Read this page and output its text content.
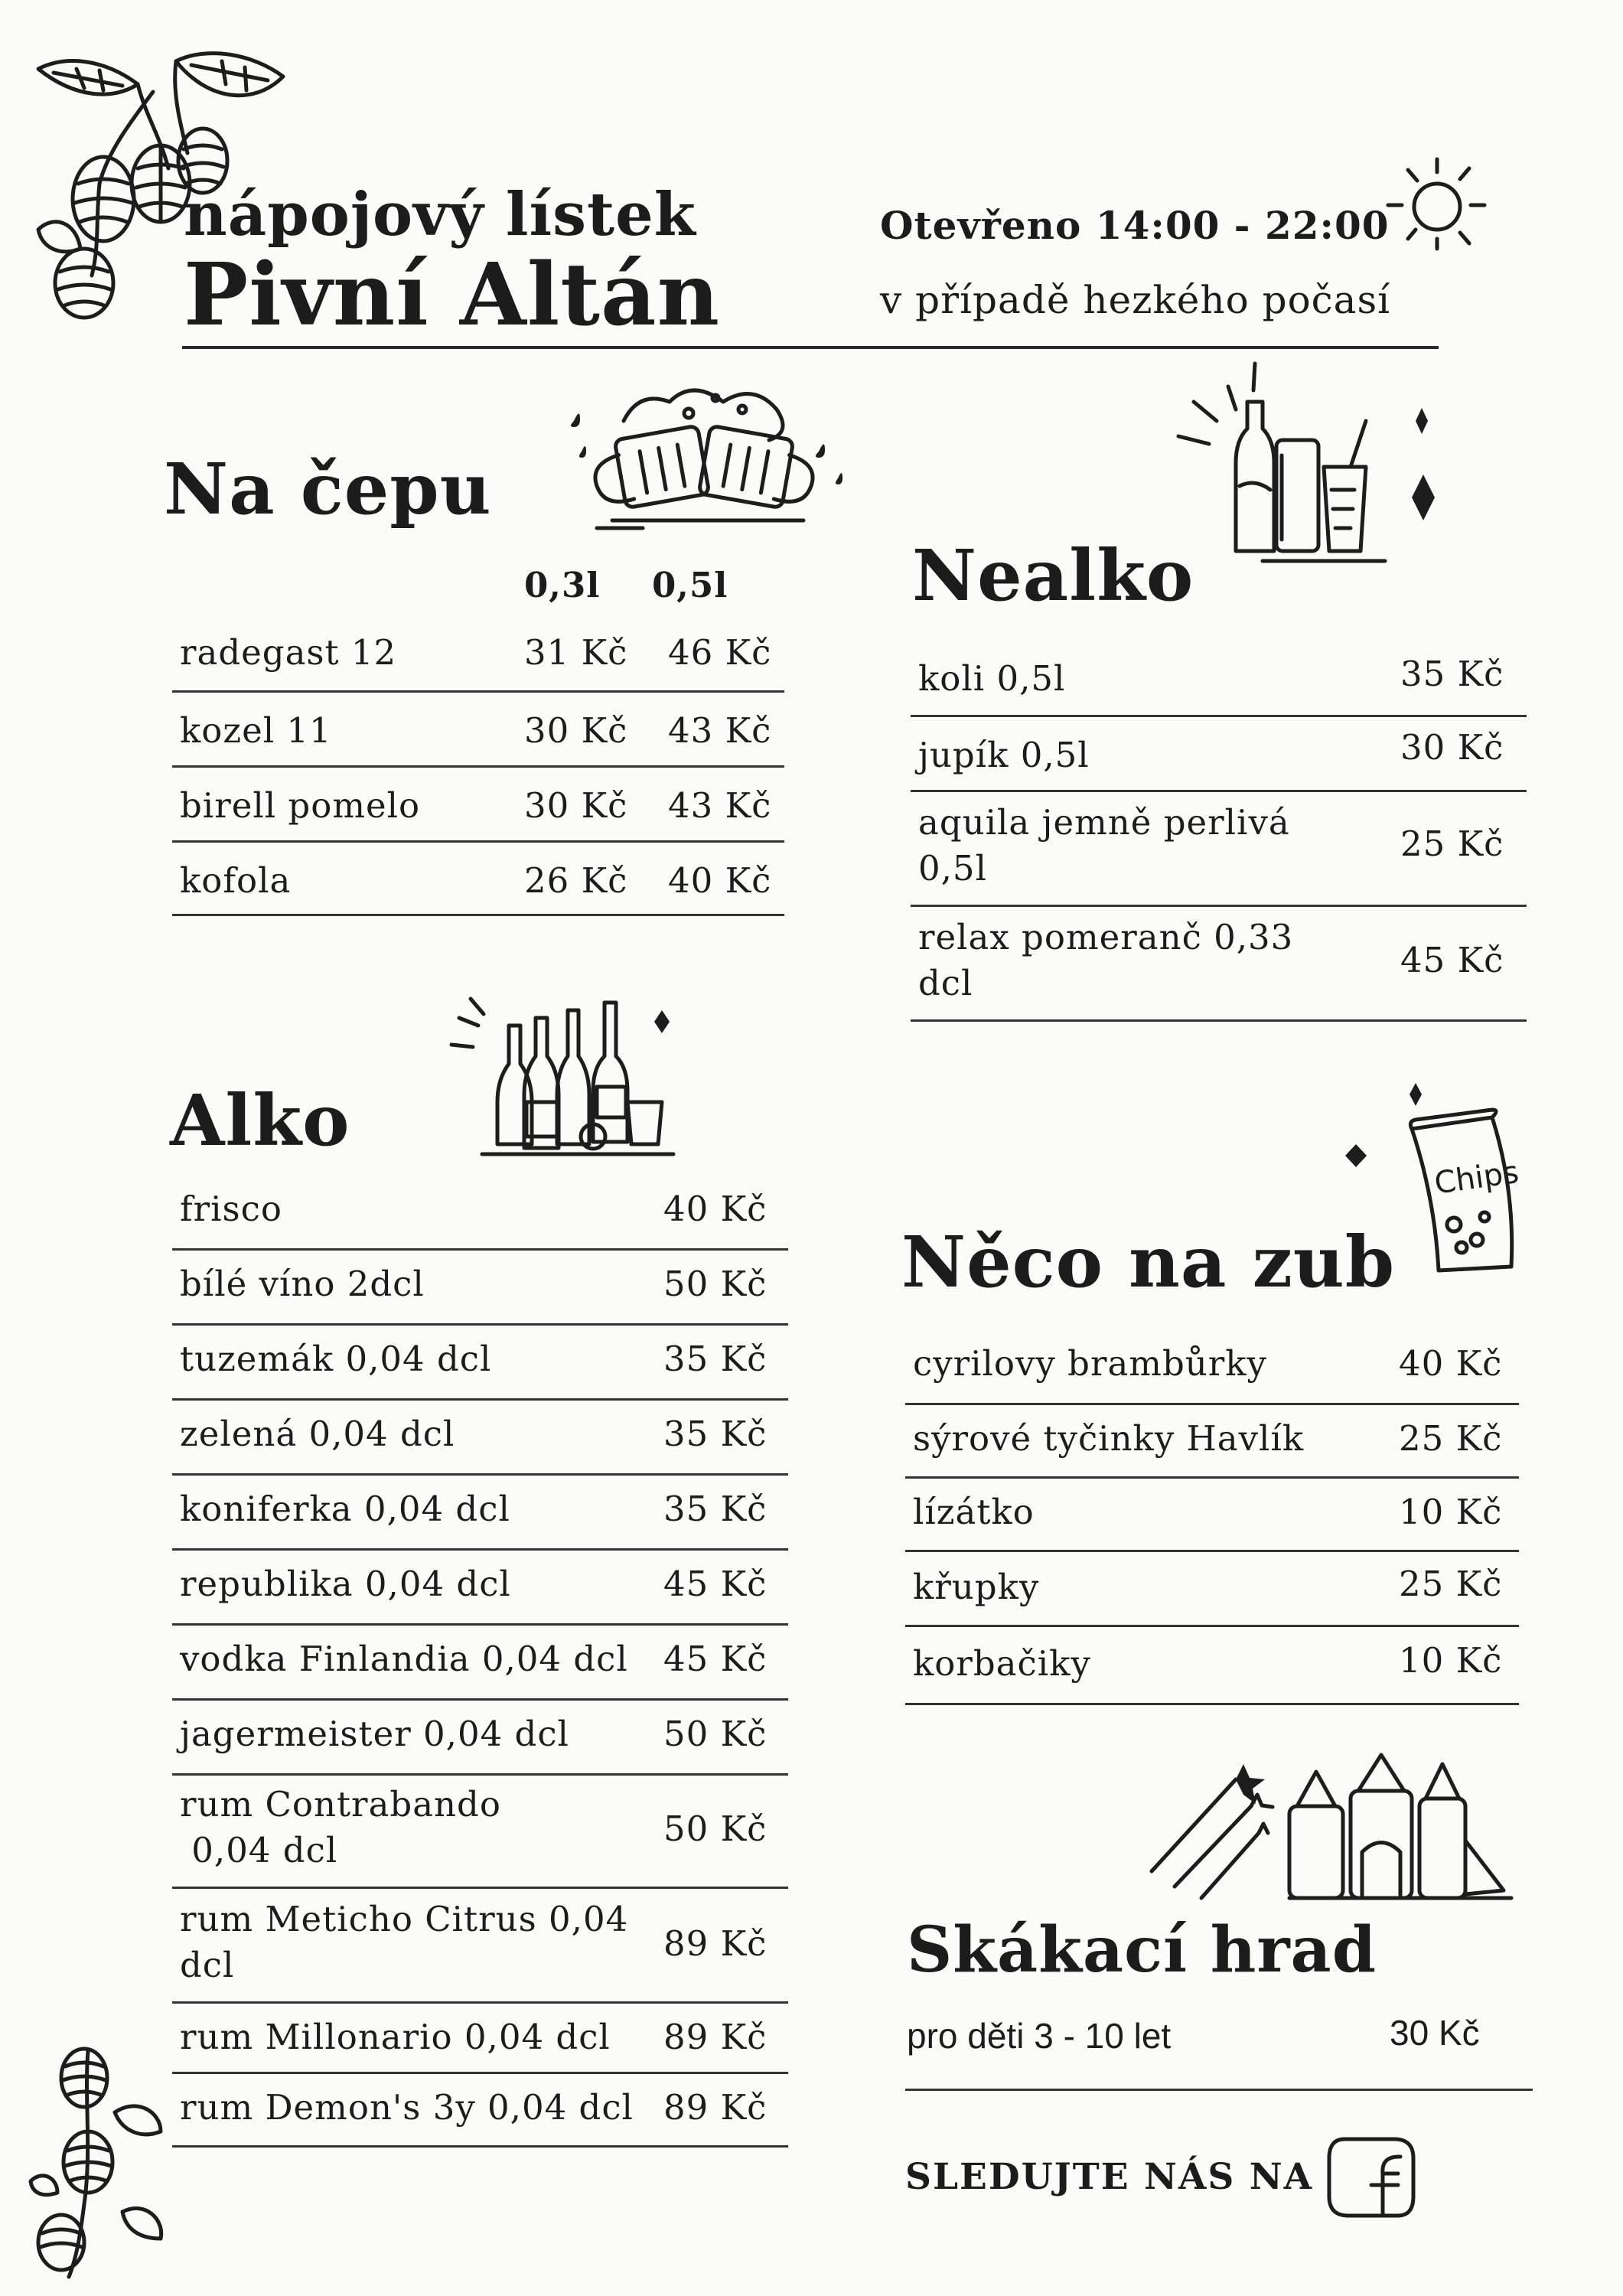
nápojový lístek
Pivní Altán
Otevřeno 14:00 - 22:00
v případě hezkého počasí
Na čepu
0,3l 0,5l
radegast 12	31 Kč 46 Kč
kozel 11	30 Kč 43 Kč
birell pomelo	30 Kč 43 Kč
kofola	26 Kč 40 Kč
Alko
frisco	40 Kč
bílé víno 2dcl	50 Kč
tuzemák 0,04 dcl	35 Kč
zelená 0,04 dcl	35 Kč
koniferka 0,04 dcl	35 Kč
republika 0,04 dcl	45 Kč
vodka Finlandia 0,04 dcl 45 Kč
jagermeister 0,04 dcl	50 Kč
rum Contrabando
0,04 dcl
50 Kč
rum Meticho Citrus 0,04
dcl
89 Kč
rum Millonario 0,04 dcl 89 Kč
rum Demon's 3y 0,04 dcl 89 Kč
Nealko
koli 0,5l	35 Kč
jupík 0,5l	30 Kč
aquila jemně perlivá
0,5l
25 Kč
relax pomeranč 0,33
dcl
45 Kč
Chips
Něco na zub
cyrilovy brambůrky	40 Kč
sýrové tyčinky Havlík	25 Kč
lízátko	10 Kč
křupky	25 Kč
korbačiky	10 Kč
Skákací hrad
pro děti 3 - 10 let	30 Kč
SLEDUJTE NÁS NA
